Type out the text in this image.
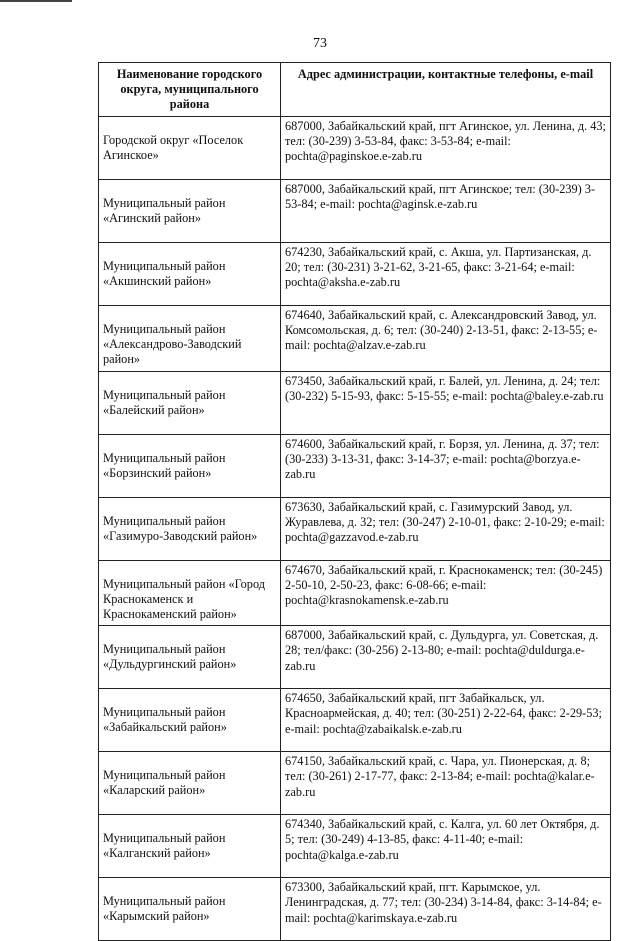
73
Наименование городского округа, муниципального района	Адрес администрации, контактные телефоны, e-mail
Городской округ «Поселок Агинское»	687000, Забайкальский край, пгт Агинское, ул. Ленина, д. 43; тел: (30-239) 3-53-84, факс: 3-53-84; e-mail: pochta@paginskoe.e-zab.ru
Муниципальный район «Агинский район»	687000, Забайкальский край, пгт Агинское; тел: (30-239) 3-53-84; e-mail: pochta@aginsk.e-zab.ru
Муниципальный район «Акшинский район»	674230, Забайкальский край, с. Акша, ул. Партизанская, д. 20; тел: (30-231) 3-21-62, 3-21-65, факс: 3-21-64; e-mail: pochta@aksha.e-zab.ru
Муниципальный район «Александрово-Заводский район»	674640, Забайкальский край, с. Александровский Завод, ул. Комсомольская, д. 6; тел: (30-240) 2-13-51, факс: 2-13-55; e-mail: pochta@alzav.e-zab.ru
Муниципальный район «Балейский район»	673450, Забайкальский край, г. Балей, ул. Ленина, д. 24; тел: (30-232) 5-15-93, факс: 5-15-55; e-mail: pochta@baley.e-zab.ru
Муниципальный район «Борзинский район»	674600, Забайкальский край, г. Борзя, ул. Ленина, д. 37; тел: (30-233) 3-13-31, факс: 3-14-37; e-mail: pochta@borzya.e-zab.ru
Муниципальный район «Газимуро-Заводский район»	673630, Забайкальский край, с. Газимурский Завод, ул. Журавлева, д. 32; тел: (30-247) 2-10-01, факс: 2-10-29; e-mail: pochta@gazzavod.e-zab.ru
Муниципальный район «Город Краснокаменск и Краснокаменский район»	674670, Забайкальский край, г. Краснокаменск; тел: (30-245) 2-50-10, 2-50-23, факс: 6-08-66; e-mail: pochta@krasnokamensk.e-zab.ru
Муниципальный район «Дульдургинский район»	687000, Забайкальский край, с. Дульдурга, ул. Советская, д. 28; тел/факс: (30-256) 2-13-80; e-mail: pochta@duldurga.e-zab.ru
Муниципальный район «Забайкальский район»	674650, Забайкальский край, пгт Забайкальск, ул. Красноармейская, д. 40; тел: (30-251) 2-22-64, факс: 2-29-53; e-mail: pochta@zabaikalsk.e-zab.ru
Муниципальный район «Каларский район»	674150, Забайкальский край, с. Чара, ул. Пионерская, д. 8; тел: (30-261) 2-17-77, факс: 2-13-84; e-mail: pochta@kalar.e-zab.ru
Муниципальный район «Калганский район»	674340, Забайкальский край, с. Калга, ул. 60 лет Октября, д. 5; тел: (30-249) 4-13-85, факс: 4-11-40; e-mail: pochta@kalga.e-zab.ru
Муниципальный район «Карымский район»	673300, Забайкальский край, пгт. Карымское, ул. Ленинградская, д. 77; тел: (30-234) 3-14-84, факс: 3-14-84; e-mail: pochta@karimskaya.e-zab.ru
